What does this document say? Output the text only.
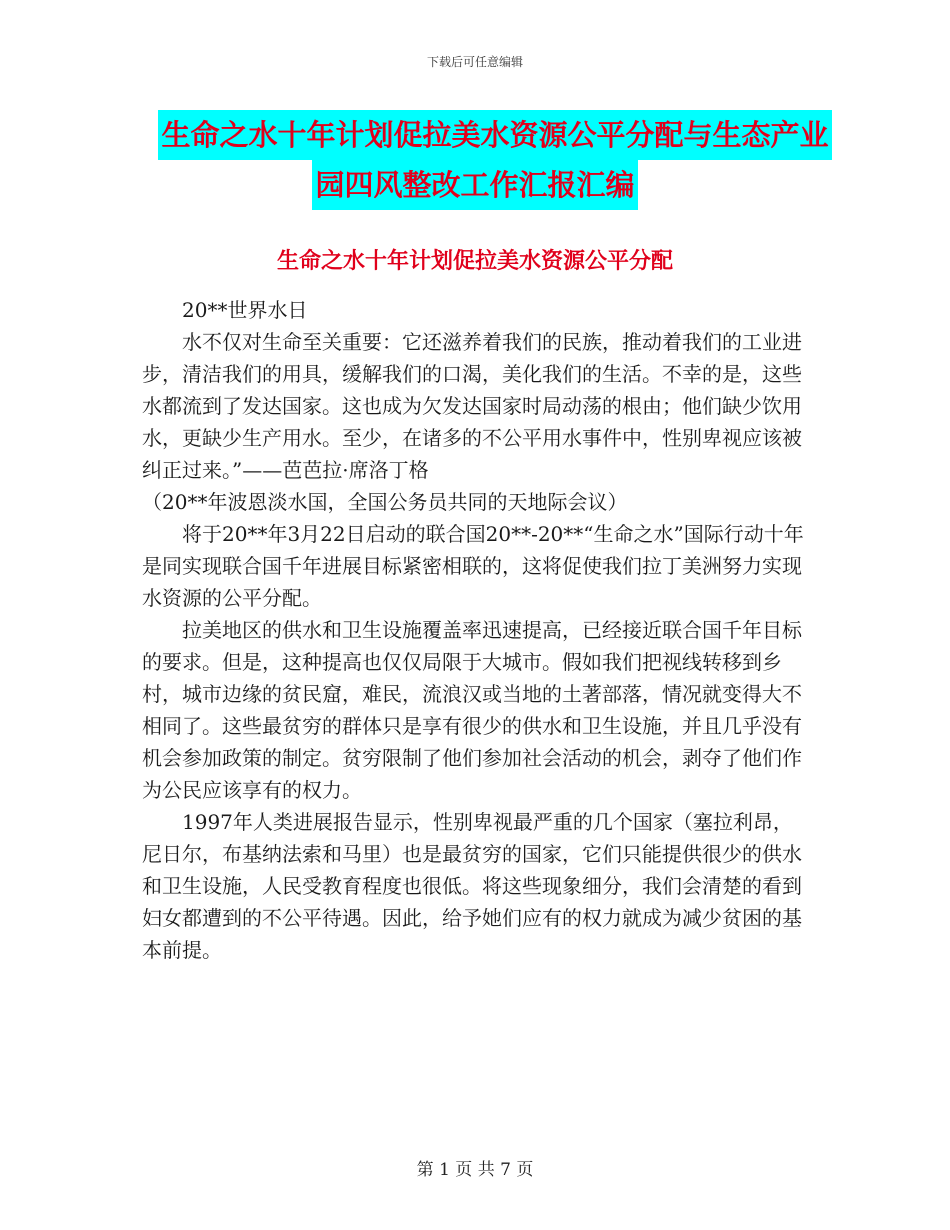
下载后可任意编辑
生命之水十年计划促拉美水资源公平分配与生态产业
园四风整改工作汇报汇编
生命之水十年计划促拉美水资源公平分配

20**世界水日

水不仅对生命至关重要：它还滋养着我们的民族，推动着我们的工业进步，清洁我们的用具，缓解我们的口渴，美化我们的生活。不幸的是，这些水都流到了发达国家。这也成为欠发达国家时局动荡的根由；他们缺少饮用水，更缺少生产用水。至少，在诸多的不公平用水事件中，性别卑视应该被纠正过来。”——芭芭拉·席洛丁格

（20**年波恩淡水国，全国公务员共同的天地际会议）

将于20**年3月22日启动的联合国20**-20**“生命之水”国际行动十年是同实现联合国千年进展目标紧密相联的，这将促使我们拉丁美洲努力实现水资源的公平分配。

拉美地区的供水和卫生设施覆盖率迅速提高，已经接近联合国千年目标的要求。但是，这种提高也仅仅局限于大城市。假如我们把视线转移到乡村，城市边缘的贫民窟，难民，流浪汉或当地的土著部落，情况就变得大不相同了。这些最贫穷的群体只是享有很少的供水和卫生设施，并且几乎没有机会参加政策的制定。贫穷限制了他们参加社会活动的机会，剥夺了他们作为公民应该享有的权力。

1997年人类进展报告显示，性别卑视最严重的几个国家（塞拉利昂，尼日尔，布基纳法索和马里）也是最贫穷的国家，它们只能提供很少的供水和卫生设施，人民受教育程度也很低。将这些现象细分，我们会清楚的看到妇女都遭到的不公平待遇。因此，给予她们应有的权力就成为减少贫困的基本前提。

第 1 页 共 7 页
